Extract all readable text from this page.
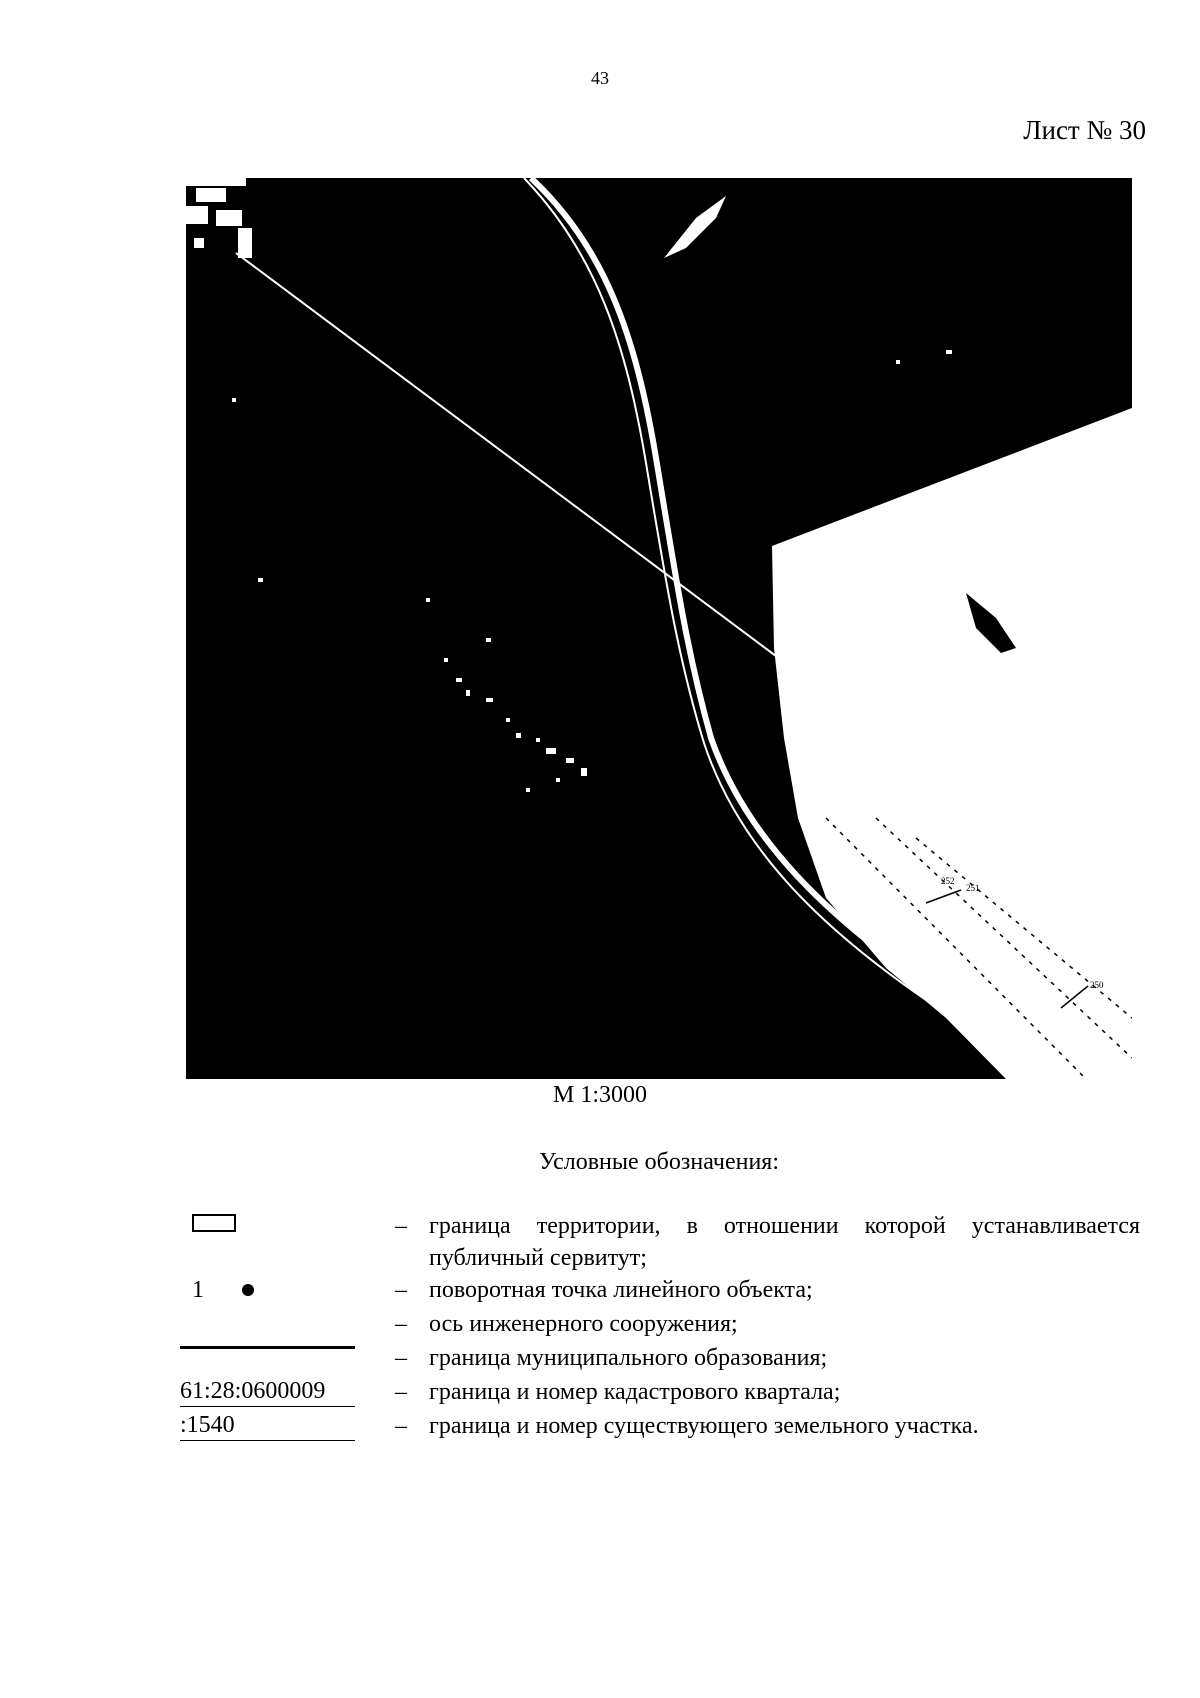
43
Лист № 30
252
251
250
М 1:3000
Условные обозначения:
– граница территории, в отношении которой устанавливается публичный сервитут;
1	– поворотная точка линейного объекта;
– ось инженерного сооружения;
– граница муниципального образования;
61:28:0600009	– граница и номер кадастрового квартала;
:1540	– граница и номер существующего земельного участка.
